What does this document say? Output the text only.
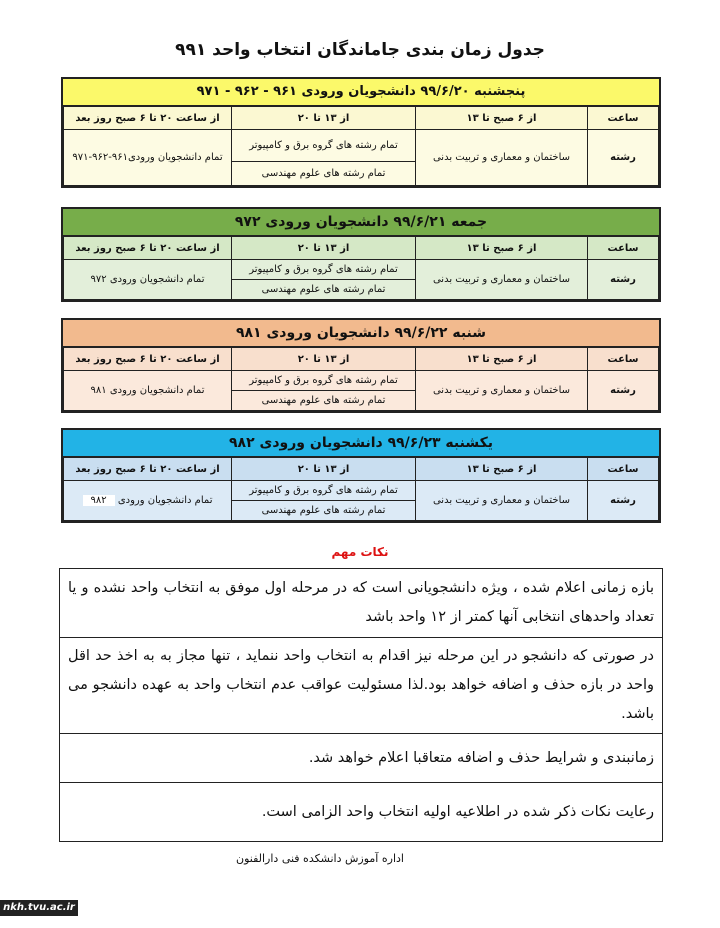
جدول زمان بندی جاماندگان انتخاب واحد ۹۹۱
پنجشنبه ۹۹/۶/۲۰ دانشجویان ورودی ۹۶۱ - ۹۶۲ - ۹۷۱
ساعت	از ۶ صبح تا ۱۳	از ۱۳ تا ۲۰	از ساعت ۲۰ تا ۶ صبح روز بعد
رشته	ساختمان و معماری و تربیت بدنی	تمام رشته های گروه برق و کامپیوتر	تمام دانشجویان ورودی۹۶۱-۹۶۲-۹۷۱
		تمام رشته های علوم مهندسی	
جمعه ۹۹/۶/۲۱ دانشجویان ورودی ۹۷۲
ساعت	از ۶ صبح تا ۱۳	از ۱۳ تا ۲۰	از ساعت ۲۰ تا ۶ صبح روز بعد
رشته	ساختمان و معماری و تربیت بدنی	تمام رشته های گروه برق و کامپیوتر	تمام دانشجویان ورودی ۹۷۲
		تمام رشته های علوم مهندسی	
شنبه ۹۹/۶/۲۲ دانشجویان ورودی ۹۸۱
ساعت	از ۶ صبح تا ۱۳	از ۱۳ تا ۲۰	از ساعت ۲۰ تا ۶ صبح روز بعد
رشته	ساختمان و معماری و تربیت بدنی	تمام رشته های گروه برق و کامپیوتر	تمام دانشجویان ورودی ۹۸۱
		تمام رشته های علوم مهندسی	
یکشنبه ۹۹/۶/۲۳ دانشجویان ورودی ۹۸۲
ساعت	از ۶ صبح تا ۱۳	از ۱۳ تا ۲۰	از ساعت ۲۰ تا ۶ صبح روز بعد
رشته	ساختمان و معماری و تربیت بدنی	تمام رشته های گروه برق و کامپیوتر	تمام دانشجویان ورودی ۹۸۲
		تمام رشته های علوم مهندسی	
نکات مهم
بازه زمانی اعلام شده ، ویژه دانشجویانی است که در مرحله اول موفق به انتخاب واحد نشده و یا تعداد واحدهای انتخابی آنها کمتر از ۱۲ واحد باشد
در صورتی که دانشجو در این مرحله نیز اقدام به انتخاب واحد ننماید ، تنها مجاز به به اخذ حد اقل واحد در بازه حذف و اضافه خواهد بود.لذا مسئولیت عواقب عدم انتخاب واحد به عهده دانشجو می باشد.
زمانبندی و شرایط حذف و اضافه متعاقبا اعلام خواهد شد.
رعایت نکات ذکر شده در اطلاعیه اولیه انتخاب واحد الزامی است.
اداره آموزش دانشکده فنی دارالفنون
nkh.tvu.ac.ir
